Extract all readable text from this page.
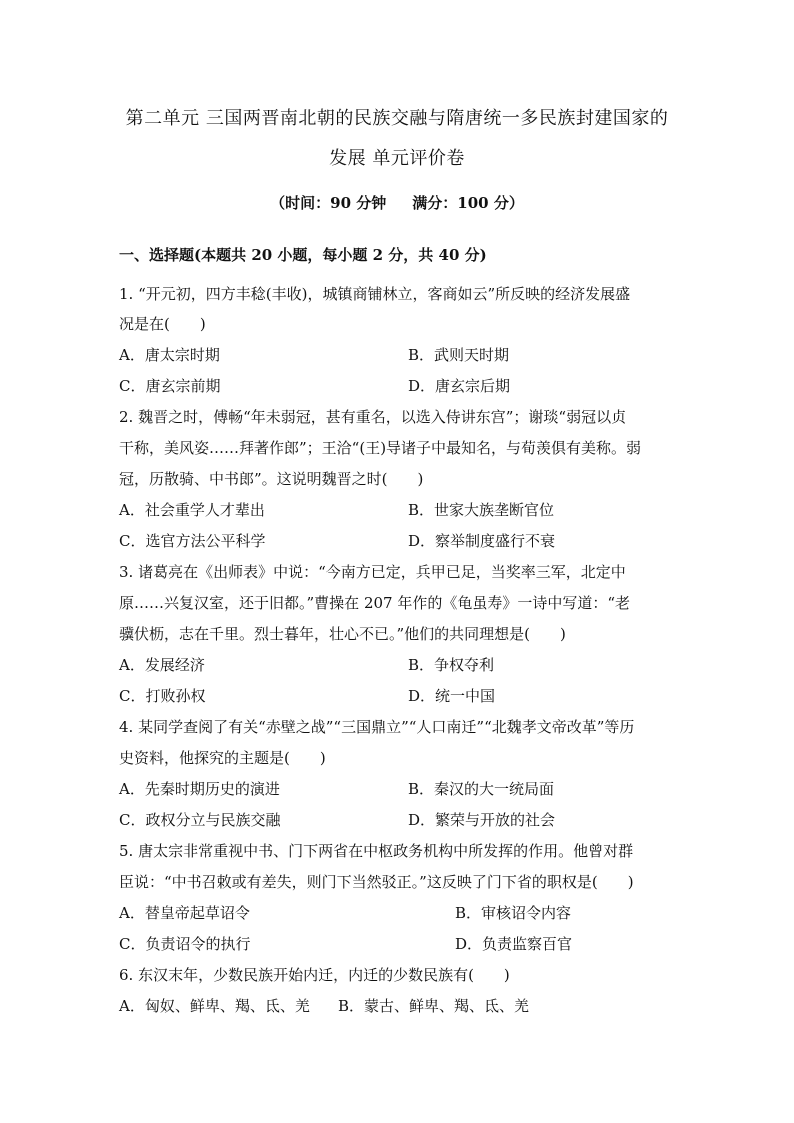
第二单元 三国两晋南北朝的民族交融与隋唐统一多民族封建国家的
发展 单元评价卷
（时间：90 分钟 满分：100 分）
一、选择题(本题共 20 小题，每小题 2 分，共 40 分)
1. “开元初，四方丰稔(丰收)，城镇商铺林立，客商如云”所反映的经济发展盛
况是在(　　)
A．唐太宗时期	B．武则天时期
C．唐玄宗前期	D．唐玄宗后期
2. 魏晋之时，傅畅“年未弱冠，甚有重名，以选入侍讲东宫”；谢琰“弱冠以贞
干称，美风姿……拜著作郎”；王洽“(王)导诸子中最知名，与荀羡俱有美称。弱
冠，历散骑、中书郎”。这说明魏晋之时(　　)
A．社会重学人才辈出	B．世家大族垄断官位
C．选官方法公平科学	D．察举制度盛行不衰
3. 诸葛亮在《出师表》中说：“今南方已定，兵甲已足，当奖率三军，北定中
原……兴复汉室，还于旧都。”曹操在 207 年作的《龟虽寿》一诗中写道：“老
骥伏枥，志在千里。烈士暮年，壮心不已。”他们的共同理想是(　　)
A．发展经济	B．争权夺利
C．打败孙权	D．统一中国
4. 某同学查阅了有关“赤壁之战”“三国鼎立”“人口南迁”“北魏孝文帝改革”等历
史资料，他探究的主题是(　　)
A．先秦时期历史的演进	B．秦汉的大一统局面
C．政权分立与民族交融	D．繁荣与开放的社会
5. 唐太宗非常重视中书、门下两省在中枢政务机构中所发挥的作用。他曾对群
臣说：“中书召敕或有差失，则门下当然驳正。”这反映了门下省的职权是(　　)
A．替皇帝起草诏令	B．审核诏令内容
C．负责诏令的执行	D．负责监察百官
6. 东汉末年，少数民族开始内迁，内迁的少数民族有(　　)
A．匈奴、鲜卑、羯、氐、羌 B．蒙古、鲜卑、羯、氐、羌
